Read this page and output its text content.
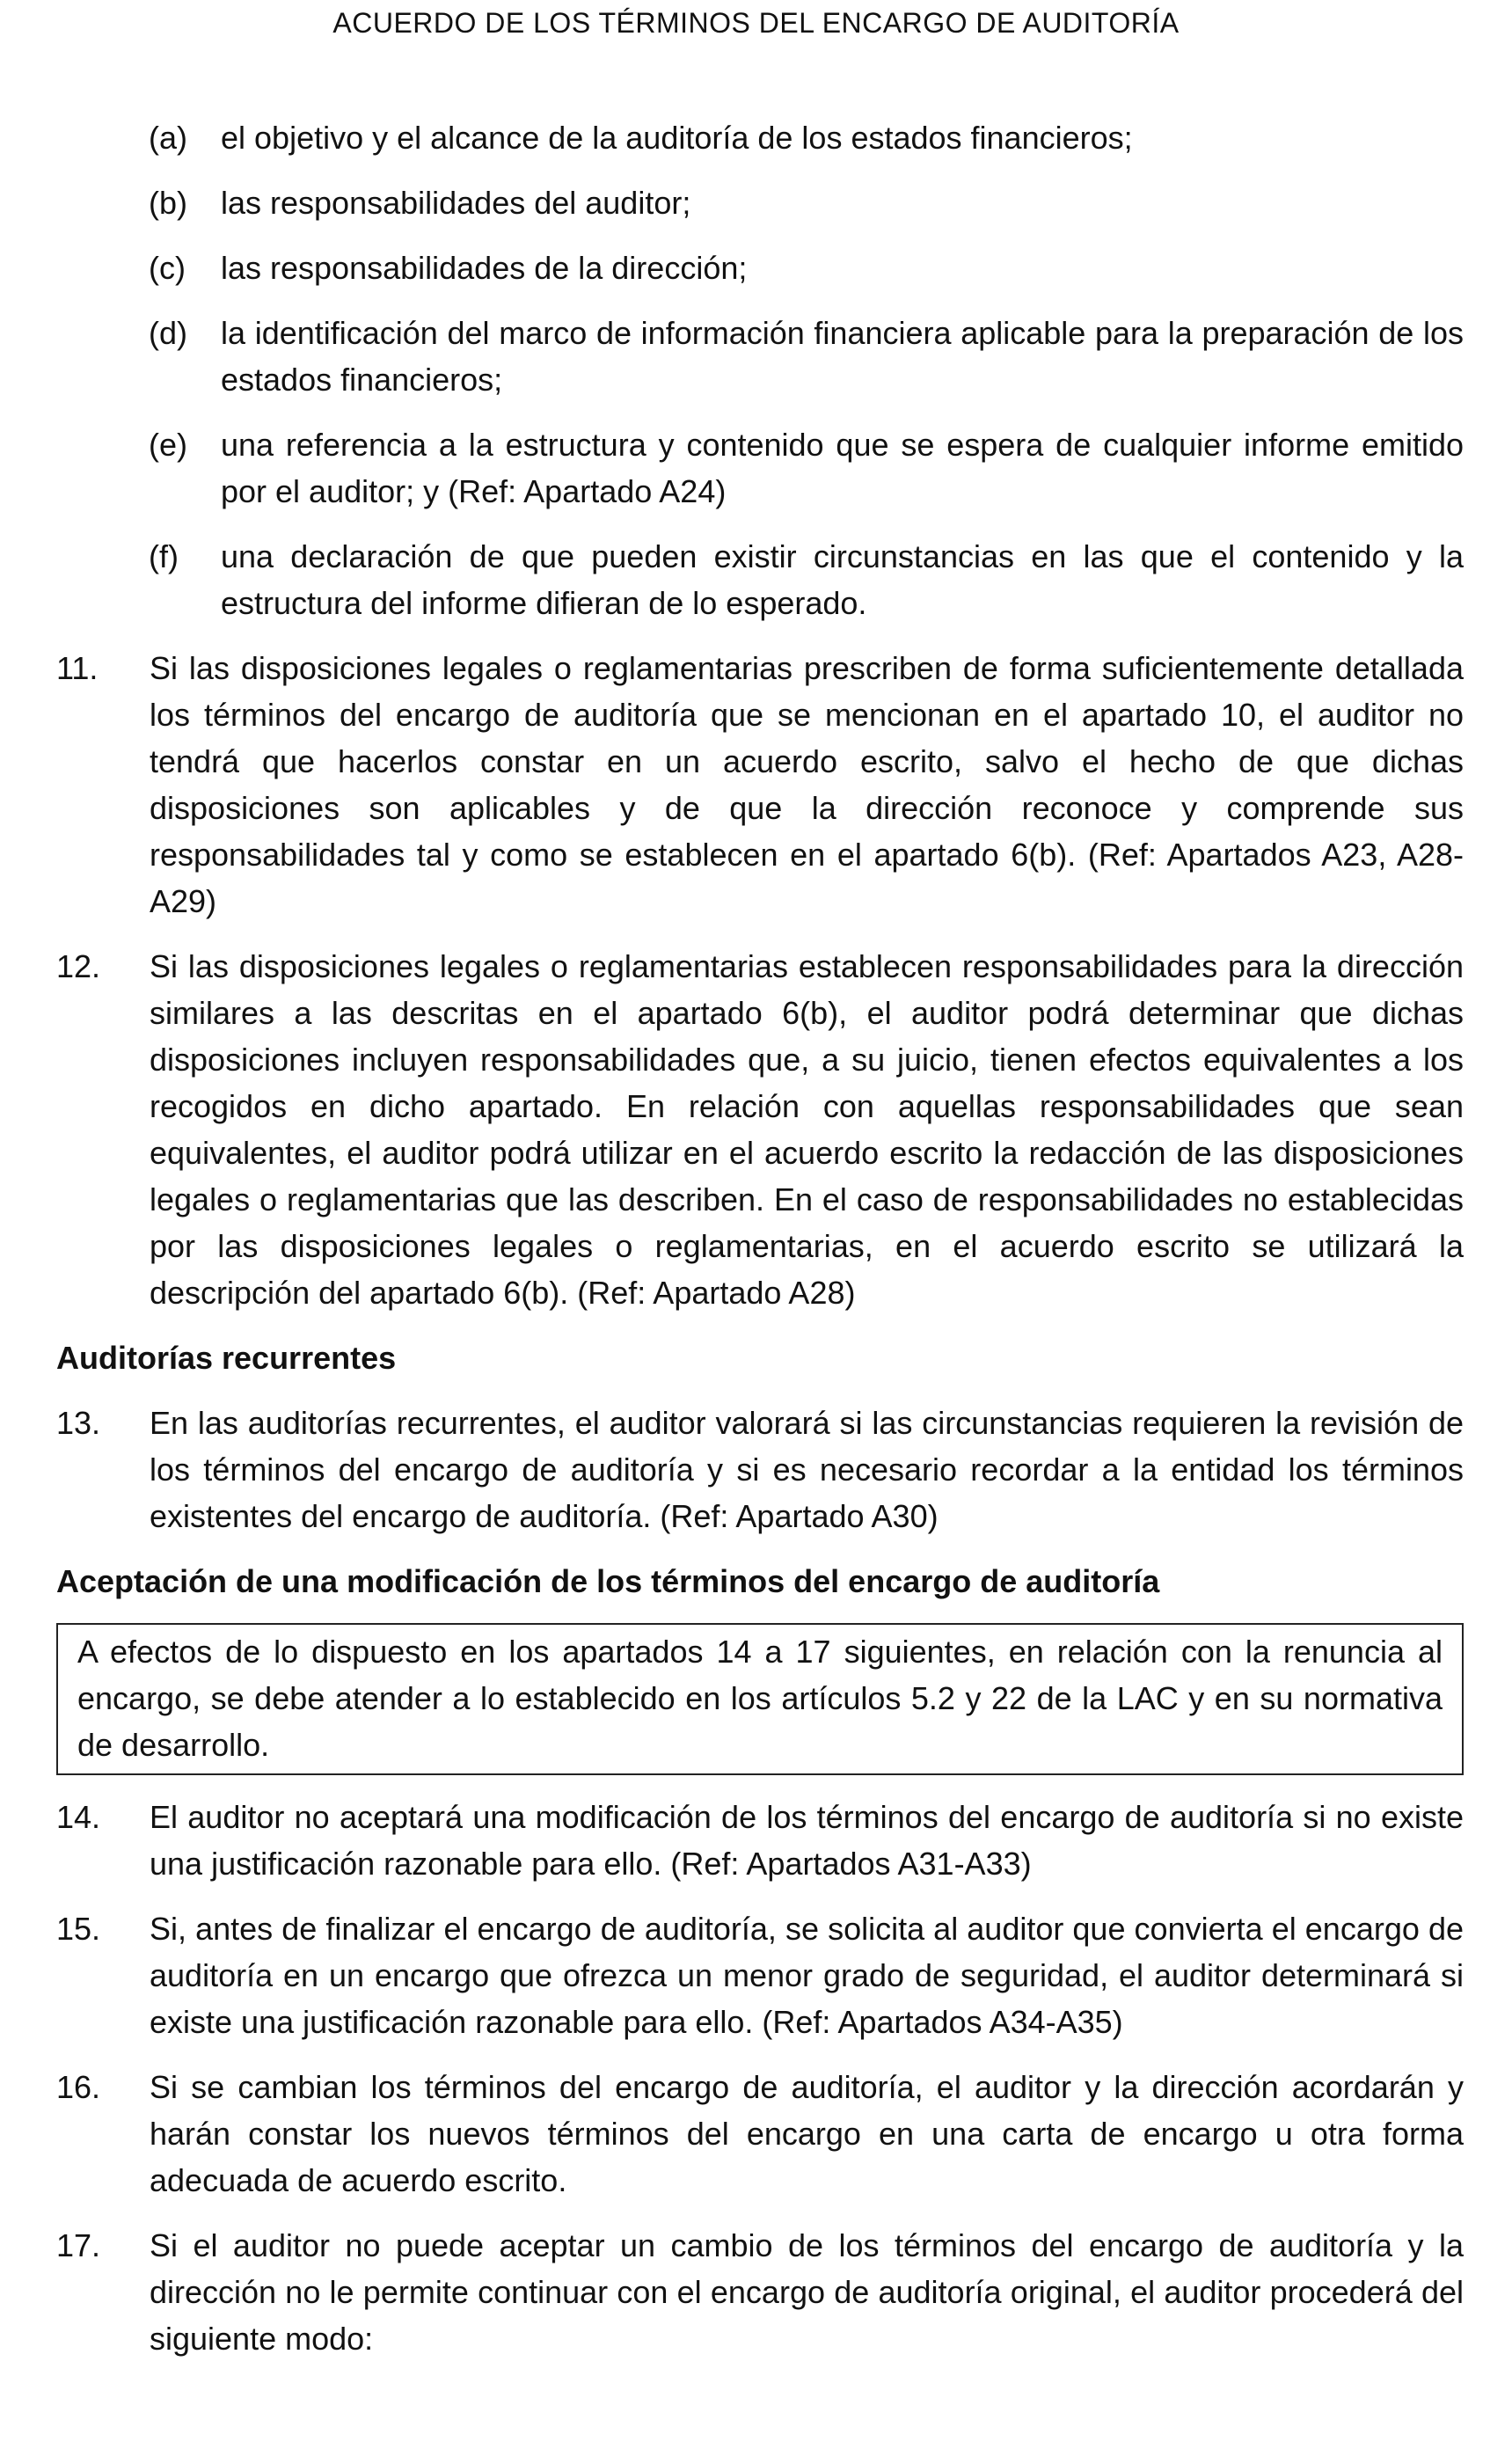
ACUERDO DE LOS TÉRMINOS DEL ENCARGO DE AUDITORÍA
(a)	el objetivo y el alcance de la auditoría de los estados financieros;
(b)	las responsabilidades del auditor;
(c)	las responsabilidades de la dirección;
(d)	la identificación del marco de información financiera aplicable para la preparación de los estados financieros;
(e)	una referencia a la estructura y contenido que se espera de cualquier informe emitido por el auditor; y (Ref: Apartado A24)
(f)	una declaración de que pueden existir circunstancias en las que el contenido y la estructura del informe difieran de lo esperado.
11.	Si las disposiciones legales o reglamentarias prescriben de forma suficientemente detallada los términos del encargo de auditoría que se mencionan en el apartado 10, el auditor no tendrá que hacerlos constar en un acuerdo escrito, salvo el hecho de que dichas disposiciones son aplicables y de que la dirección reconoce y comprende sus responsabilidades tal y como se establecen en el apartado 6(b). (Ref: Apartados A23, A28-A29)
12.	Si las disposiciones legales o reglamentarias establecen responsabilidades para la dirección similares a las descritas en el apartado 6(b), el auditor podrá determinar que dichas disposiciones incluyen responsabilidades que, a su juicio, tienen efectos equivalentes a los recogidos en dicho apartado. En relación con aquellas responsabilidades que sean equivalentes, el auditor podrá utilizar en el acuerdo escrito la redacción de las disposiciones legales o reglamentarias que las describen. En el caso de responsabilidades no establecidas por las disposiciones legales o reglamentarias, en el acuerdo escrito se utilizará la descripción del apartado 6(b). (Ref: Apartado A28)
Auditorías recurrentes
13.	En las auditorías recurrentes, el auditor valorará si las circunstancias requieren la revisión de los términos del encargo de auditoría y si es necesario recordar a la entidad los términos existentes del encargo de auditoría. (Ref: Apartado A30)
Aceptación de una modificación de los términos del encargo de auditoría
A efectos de lo dispuesto en los apartados 14 a 17 siguientes, en relación con la renuncia al encargo, se debe atender a lo establecido en los artículos 5.2 y 22 de la LAC y en su normativa de desarrollo.
14.	El auditor no aceptará una modificación de los términos del encargo de auditoría si no existe una justificación razonable para ello. (Ref: Apartados A31-A33)
15.	Si, antes de finalizar el encargo de auditoría, se solicita al auditor que convierta el encargo de auditoría en un encargo que ofrezca un menor grado de seguridad, el auditor determinará si existe una justificación razonable para ello. (Ref: Apartados A34-A35)
16.	Si se cambian los términos del encargo de auditoría, el auditor y la dirección acordarán y harán constar los nuevos términos del encargo en una carta de encargo u otra forma adecuada de acuerdo escrito.
17.	Si el auditor no puede aceptar un cambio de los términos del encargo de auditoría y la dirección no le permite continuar con el encargo de auditoría original, el auditor procederá del siguiente modo:
